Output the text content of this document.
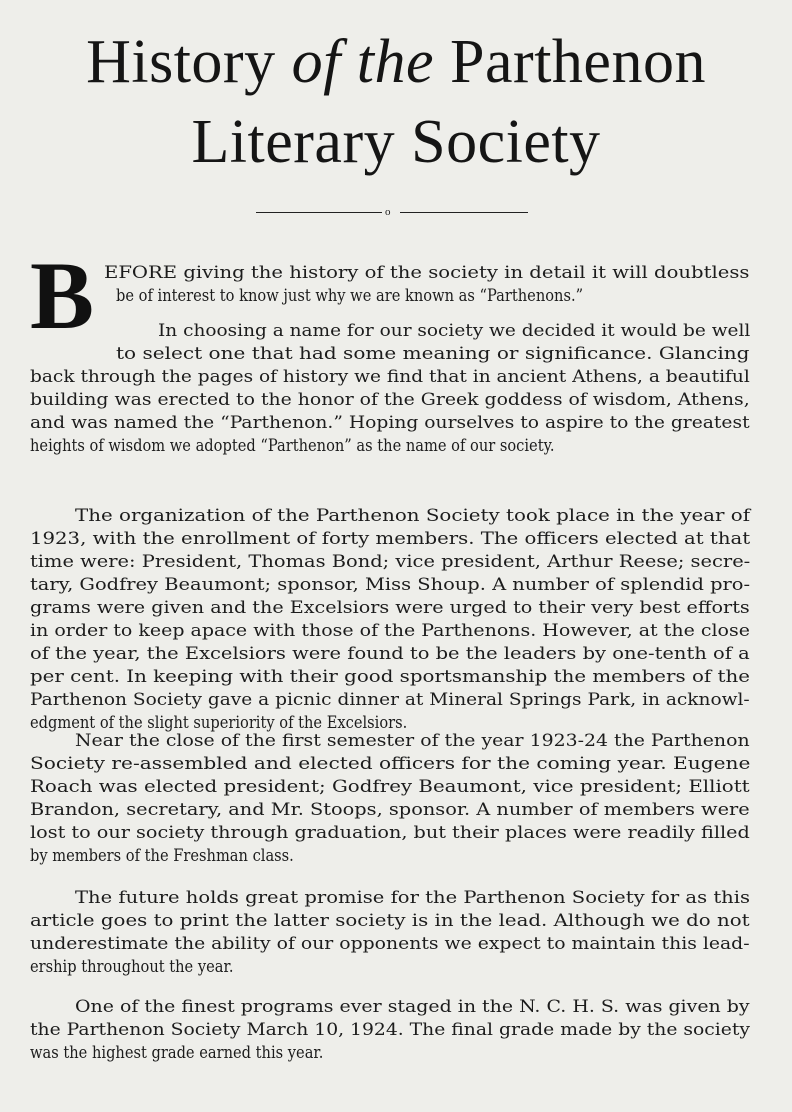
History of the Parthenon
Literary Society
o
B EFORE giving the history of the society in detail it will doubtless
be of interest to know just why we are known as “Parthenons.”
In choosing a name for our society we decided it would be well
to select one that had some meaning or significance. Glancing
back through the pages of history we find that in ancient Athens, a beautiful
building was erected to the honor of the Greek goddess of wisdom, Athens,
and was named the “Parthenon.” Hoping ourselves to aspire to the greatest
heights of wisdom we adopted “Parthenon” as the name of our society.
The organization of the Parthenon Society took place in the year of
1923, with the enrollment of forty members. The officers elected at that
time were: President, Thomas Bond; vice president, Arthur Reese; secre-
tary, Godfrey Beaumont; sponsor, Miss Shoup. A number of splendid pro-
grams were given and the Excelsiors were urged to their very best efforts
in order to keep apace with those of the Parthenons. However, at the close
of the year, the Excelsiors were found to be the leaders by one-tenth of a
per cent. In keeping with their good sportsmanship the members of the
Parthenon Society gave a picnic dinner at Mineral Springs Park, in acknowl-
edgment of the slight superiority of the Excelsiors.
Near the close of the first semester of the year 1923-24 the Parthenon
Society re-assembled and elected officers for the coming year. Eugene
Roach was elected president; Godfrey Beaumont, vice president; Elliott
Brandon, secretary, and Mr. Stoops, sponsor. A number of members were
lost to our society through graduation, but their places were readily filled
by members of the Freshman class.
The future holds great promise for the Parthenon Society for as this
article goes to print the latter society is in the lead. Although we do not
underestimate the ability of our opponents we expect to maintain this lead-
ership throughout the year.
One of the finest programs ever staged in the N. C. H. S. was given by
the Parthenon Society March 10, 1924. The final grade made by the society
was the highest grade earned this year.
